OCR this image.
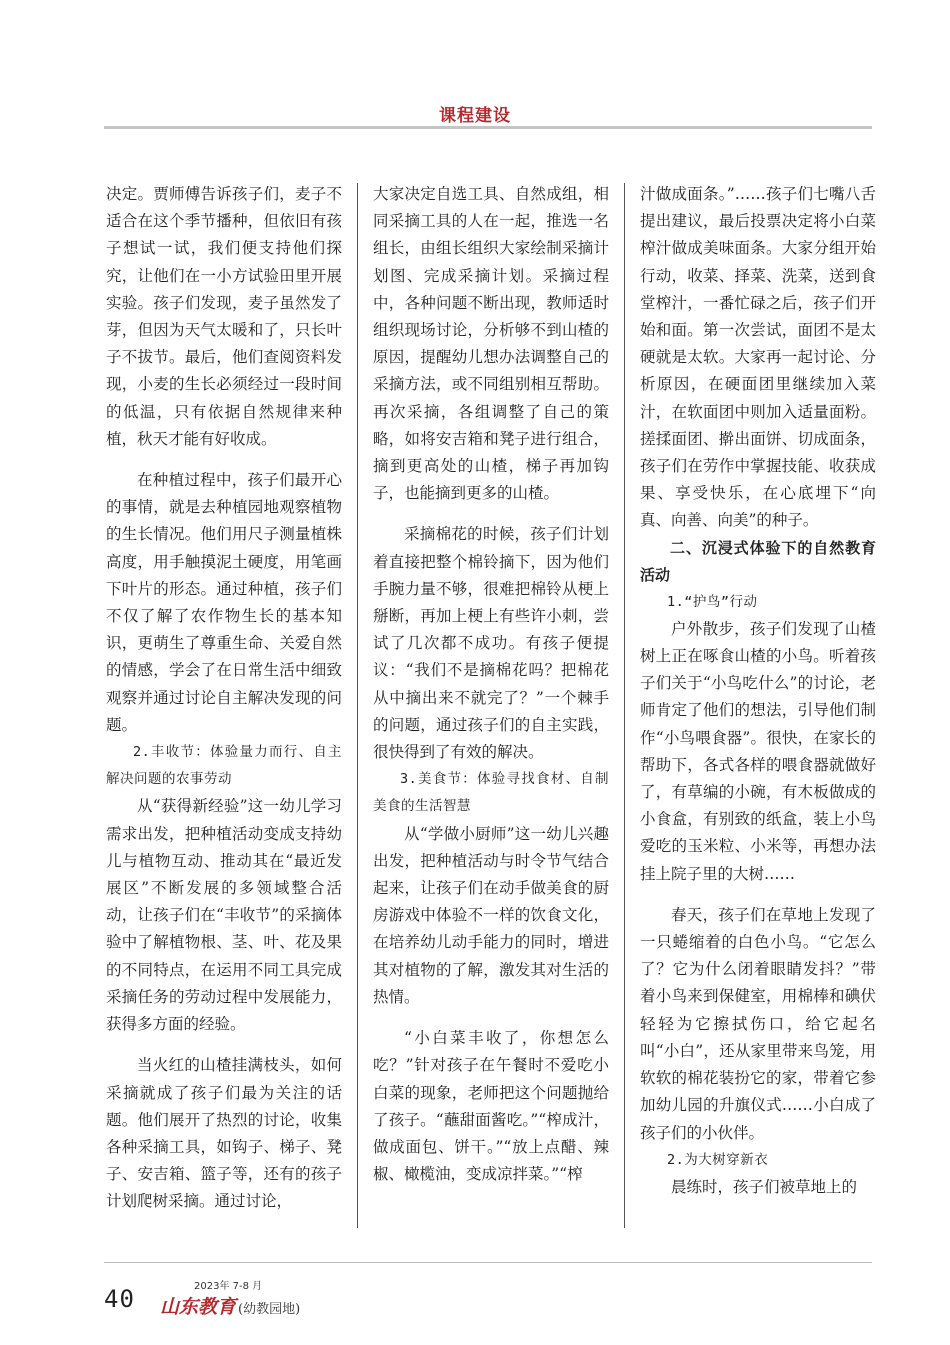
课程建设

决定。贾师傅告诉孩子们，麦子不适合在这个季节播种，但依旧有孩子想试一试，我们便支持他们探究，让他们在一小方试验田里开展实验。孩子们发现，麦子虽然发了芽，但因为天气太暖和了，只长叶子不拔节。最后，他们查阅资料发现，小麦的生长必须经过一段时间的低温，只有依据自然规律来种植，秋天才能有好收成。

在种植过程中，孩子们最开心的事情，就是去种植园地观察植物的生长情况。他们用尺子测量植株高度，用手触摸泥土硬度，用笔画下叶片的形态。通过种植，孩子们不仅了解了农作物生长的基本知识，更萌生了尊重生命、关爱自然的情感，学会了在日常生活中细致观察并通过讨论自主解决发现的问题。

2.丰收节：体验量力而行、自主解决问题的农事劳动

从“获得新经验”这一幼儿学习需求出发，把种植活动变成支持幼儿与植物互动、推动其在“最近发展区”不断发展的多领域整合活动，让孩子们在“丰收节”的采摘体验中了解植物根、茎、叶、花及果的不同特点，在运用不同工具完成采摘任务的劳动过程中发展能力，获得多方面的经验。

当火红的山楂挂满枝头，如何采摘就成了孩子们最为关注的话题。他们展开了热烈的讨论，收集各种采摘工具，如钩子、梯子、凳子、安吉箱、篮子等，还有的孩子计划爬树采摘。通过讨论，

大家决定自选工具、自然成组，相同采摘工具的人在一起，推选一名组长，由组长组织大家绘制采摘计划图、完成采摘计划。采摘过程中，各种问题不断出现，教师适时组织现场讨论，分析够不到山楂的原因，提醒幼儿想办法调整自己的采摘方法，或不同组别相互帮助。再次采摘，各组调整了自己的策略，如将安吉箱和凳子进行组合，摘到更高处的山楂，梯子再加钩子，也能摘到更多的山楂。

采摘棉花的时候，孩子们计划着直接把整个棉铃摘下，因为他们手腕力量不够，很难把棉铃从梗上掰断，再加上梗上有些许小刺，尝试了几次都不成功。有孩子便提议：“我们不是摘棉花吗？把棉花从中摘出来不就完了？”一个棘手的问题，通过孩子们的自主实践，很快得到了有效的解决。

3.美食节：体验寻找食材、自制美食的生活智慧

从“学做小厨师”这一幼儿兴趣出发，把种植活动与时令节气结合起来，让孩子们在动手做美食的厨房游戏中体验不一样的饮食文化，在培养幼儿动手能力的同时，增进其对植物的了解，激发其对生活的热情。

“小白菜丰收了，你想怎么吃？”针对孩子在午餐时不爱吃小白菜的现象，老师把这个问题抛给了孩子。“蘸甜面酱吃。”“榨成汁，做成面包、饼干。”“放上点醋、辣椒、橄榄油，变成凉拌菜。”“榨

汁做成面条。”……孩子们七嘴八舌提出建议，最后投票决定将小白菜榨汁做成美味面条。大家分组开始行动，收菜、择菜、洗菜，送到食堂榨汁，一番忙碌之后，孩子们开始和面。第一次尝试，面团不是太硬就是太软。大家再一起讨论、分析原因，在硬面团里继续加入菜汁，在软面团中则加入适量面粉。搓揉面团、擀出面饼、切成面条，孩子们在劳作中掌握技能、收获成果、享受快乐，在心底埋下“向真、向善、向美”的种子。

二、沉浸式体验下的自然教育活动

1.“护鸟”行动

户外散步，孩子们发现了山楂树上正在啄食山楂的小鸟。听着孩子们关于“小鸟吃什么”的讨论，老师肯定了他们的想法，引导他们制作“小鸟喂食器”。很快，在家长的帮助下，各式各样的喂食器就做好了，有草编的小碗，有木板做成的小食盒，有别致的纸盒，装上小鸟爱吃的玉米粒、小米等，再想办法挂上院子里的大树……

春天，孩子们在草地上发现了一只蜷缩着的白色小鸟。“它怎么了？它为什么闭着眼睛发抖？”带着小鸟来到保健室，用棉棒和碘伏轻轻为它擦拭伤口，给它起名叫“小白”，还从家里带来鸟笼，用软软的棉花装扮它的家，带着它参加幼儿园的升旗仪式……小白成了孩子们的小伙伴。

2.为大树穿新衣

晨练时，孩子们被草地上的

40	2023年 7-8 月
山东教育 (幼教园地)
